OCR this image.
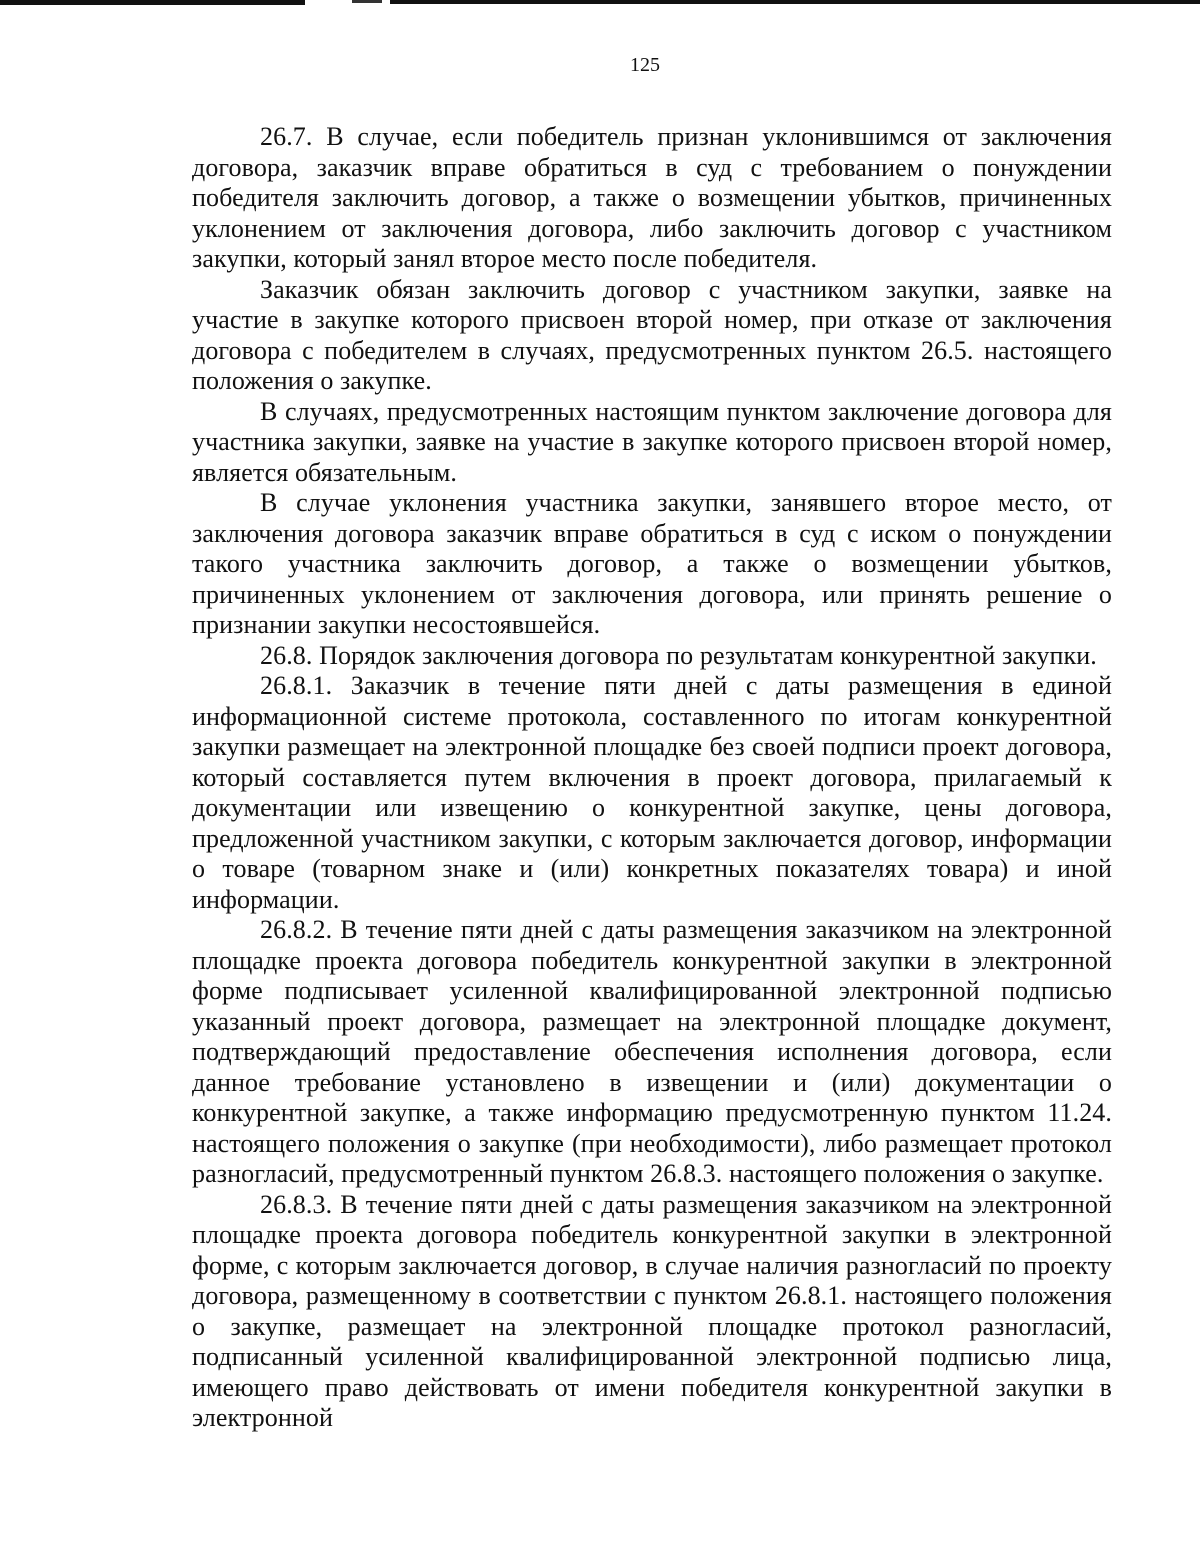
125

26.7. В случае, если победитель признан уклонившимся от заключения договора, заказчик вправе обратиться в суд с требованием о понуждении победителя заключить договор, а также о возмещении убытков, причиненных уклонением от заключения договора, либо заключить договор с участником закупки, который занял второе место после победителя.

Заказчик обязан заключить договор с участником закупки, заявке на участие в закупке которого присвоен второй номер, при отказе от заключения договора с победителем в случаях, предусмотренных пунктом 26.5. настоящего положения о закупке.

В случаях, предусмотренных настоящим пунктом заключение договора для участника закупки, заявке на участие в закупке которого присвоен второй номер, является обязательным.

В случае уклонения участника закупки, занявшего второе место, от заключения договора заказчик вправе обратиться в суд с иском о понуждении такого участника заключить договор, а также о возмещении убытков, причиненных уклонением от заключения договора, или принять решение о признании закупки несостоявшейся.

26.8. Порядок заключения договора по результатам конкурентной закупки.

26.8.1. Заказчик в течение пяти дней с даты размещения в единой информационной системе протокола, составленного по итогам конкурентной закупки размещает на электронной площадке без своей подписи проект договора, который составляется путем включения в проект договора, прилагаемый к документации или извещению о конкурентной закупке, цены договора, предложенной участником закупки, с которым заключается договор, информации о товаре (товарном знаке и (или) конкретных показателях товара) и иной информации.

26.8.2. В течение пяти дней с даты размещения заказчиком на электронной площадке проекта договора победитель конкурентной закупки в электронной форме подписывает усиленной квалифицированной электронной подписью указанный проект договора, размещает на электронной площадке документ, подтверждающий предоставление обеспечения исполнения договора, если данное требование установлено в извещении и (или) документации о конкурентной закупке, а также информацию предусмотренную пунктом 11.24. настоящего положения о закупке (при необходимости), либо размещает протокол разногласий, предусмотренный пунктом 26.8.3. настоящего положения о закупке.

26.8.3. В течение пяти дней с даты размещения заказчиком на электронной площадке проекта договора победитель конкурентной закупки в электронной форме, с которым заключается договор, в случае наличия разногласий по проекту договора, размещенному в соответствии с пунктом 26.8.1. настоящего положения о закупке, размещает на электронной площадке протокол разногласий, подписанный усиленной квалифицированной электронной подписью лица, имеющего право действовать от имени победителя конкурентной закупки в электронной
